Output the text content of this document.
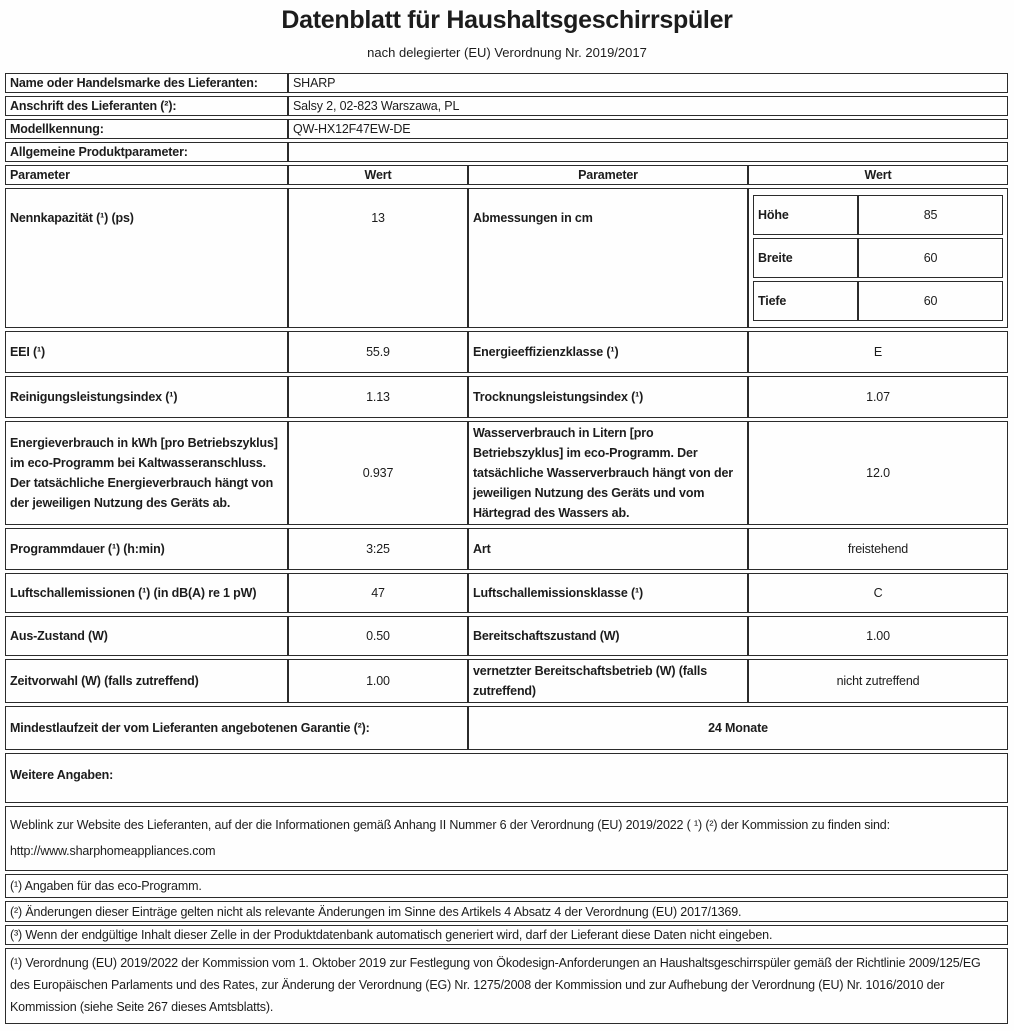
Datenblatt für Haushaltsgeschirrspüler

nach delegierter (EU) Verordnung Nr. 2019/2017

Name oder Handelsmarke des Lieferanten:	SHARP
Anschrift des Lieferanten (²):	Salsy 2, 02-823 Warszawa, PL
Modellkennung:	QW-HX12F47EW-DE
Allgemeine Produktparameter:	
Parameter	Wert	Parameter	Wert
Nennkapazität (¹) (ps)	13	Abmessungen in cm		Höhe	85
Breite	60
Tiefe	60

EEI (¹)	55.9	Energieeffizienzklasse (¹)	E
Reinigungsleistungsindex (¹)	1.13	Trocknungsleistungsindex (¹)	1.07
Energieverbrauch in kWh [pro Betriebszyklus] im eco-Programm bei Kaltwasseranschluss. Der tatsächliche Energieverbrauch hängt von der jeweiligen Nutzung des Geräts ab.	0.937	Wasserverbrauch in Litern [pro Betriebszyklus] im eco-Programm. Der tatsächliche Wasserverbrauch hängt von der jeweiligen Nutzung des Geräts und vom Härtegrad des Wassers ab.	12.0
Programmdauer (¹) (h:min)	3:25	Art	freistehend
Luftschallemissionen (¹) (in dB(A) re 1 pW)	47	Luftschallemissionsklasse (¹)	C
Aus-Zustand (W)	0.50	Bereitschaftszustand (W)	1.00
Zeitvorwahl (W) (falls zutreffend)	1.00	vernetzter Bereitschaftsbetrieb (W) (falls zutreffend)	nicht zutreffend
Mindestlaufzeit der vom Lieferanten angebotenen Garantie (²):	24 Monate
Weitere Angaben:
Weblink zur Website des Lieferanten, auf der die Informationen gemäß Anhang II Nummer 6 der Verordnung (EU) 2019/2022 ( ¹) (²) der Kommission zu finden sind: http://www.sharphomeappliances.com
(¹) Angaben für das eco-Programm.
(²) Änderungen dieser Einträge gelten nicht als relevante Änderungen im Sinne des Artikels 4 Absatz 4 der Verordnung (EU) 2017/1369.
(³) Wenn der endgültige Inhalt dieser Zelle in der Produktdatenbank automatisch generiert wird, darf der Lieferant diese Daten nicht eingeben.
(¹) Verordnung (EU) 2019/2022 der Kommission vom 1. Oktober 2019 zur Festlegung von Ökodesign-Anforderungen an Haushaltsgeschirrspüler gemäß der Richtlinie 2009/125/EG des Europäischen Parlaments und des Rates, zur Änderung der Verordnung (EG) Nr. 1275/2008 der Kommission und zur Aufhebung der Verordnung (EU) Nr. 1016/2010 der Kommission (siehe Seite 267 dieses Amtsblatts).
